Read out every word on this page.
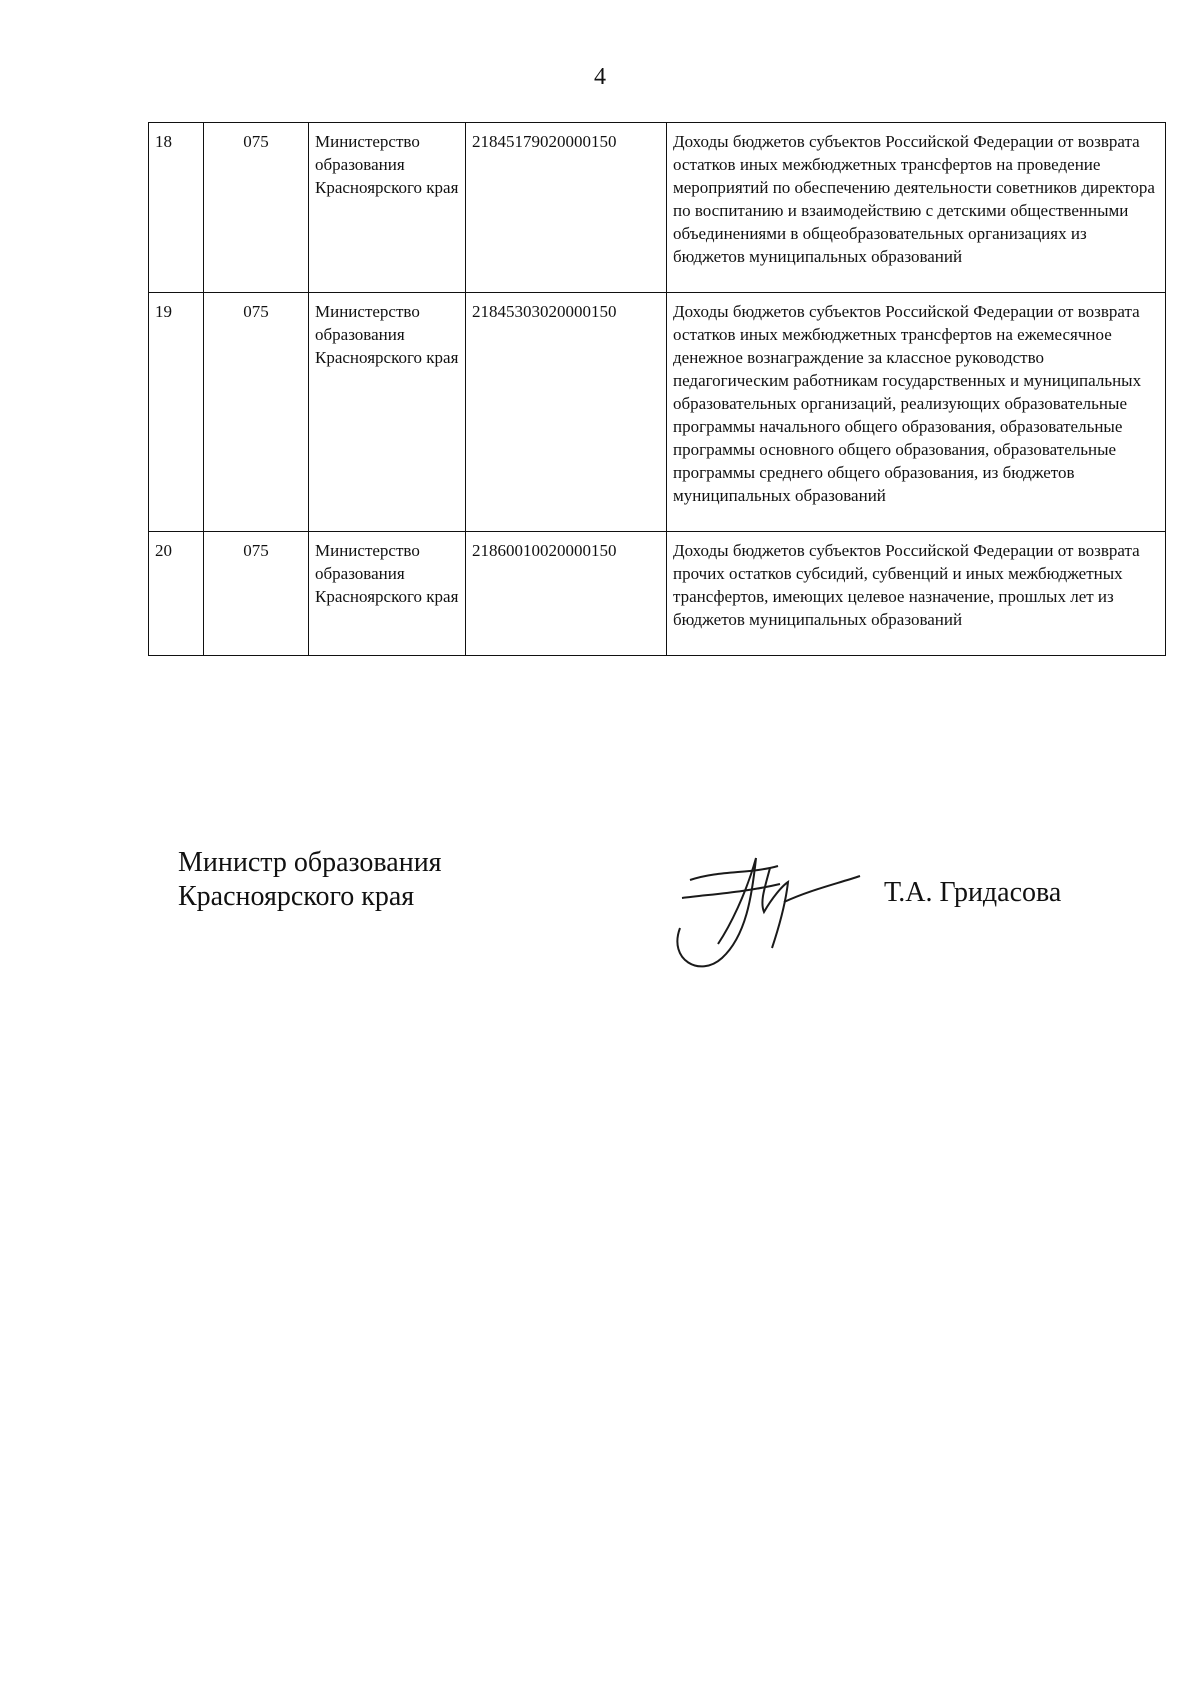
4
18	075	Министерство образования Красноярского края	21845179020000150	Доходы бюджетов субъектов Российской Федерации от возврата остатков иных межбюджетных трансфертов на проведение мероприятий по обеспечению деятельности советников директора по воспитанию и взаимодействию с детскими общественными объединениями в общеобразовательных организациях из бюджетов муниципальных образований
19	075	Министерство образования Красноярского края	21845303020000150	Доходы бюджетов субъектов Российской Федерации от возврата остатков иных межбюджетных трансфертов на ежемесячное денежное вознаграждение за классное руководство педагогическим работникам государственных и муниципальных образовательных организаций, реализующих образовательные программы начального общего образования, образовательные программы основного общего образования, образовательные программы среднего общего образования, из бюджетов муниципальных образований
20	075	Министерство образования Красноярского края	21860010020000150	Доходы бюджетов субъектов Российской Федерации от возврата прочих остатков субсидий, субвенций и иных межбюджетных трансфертов, имеющих целевое назначение, прошлых лет из бюджетов муниципальных образований
Министр образования
Красноярского края	Т.А. Гридасова
